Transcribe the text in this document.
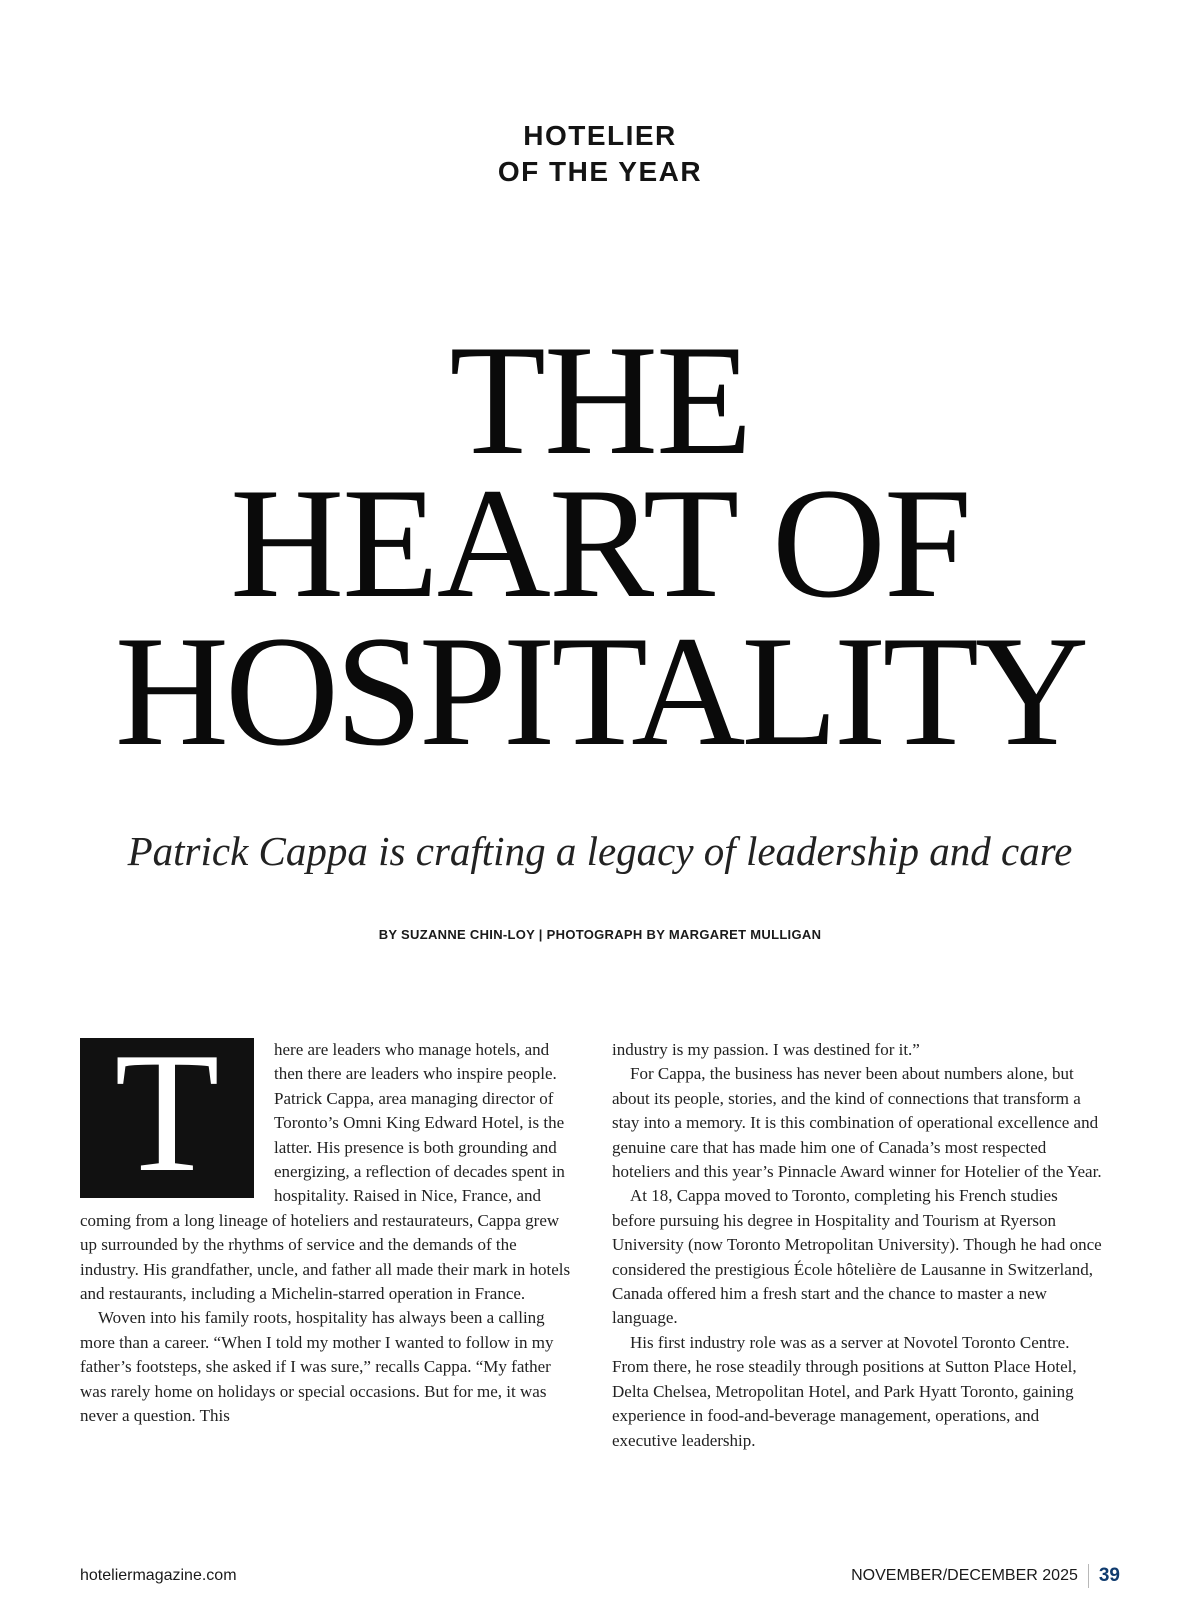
HOTELIER
OF THE YEAR
THE
HEART OF
HOSPITALITY
Patrick Cappa is crafting a legacy of leadership and care
BY SUZANNE CHIN-LOY | PHOTOGRAPH BY MARGARET MULLIGAN
T	here are leaders who manage hotels, and then there are leaders who inspire people. Patrick Cappa, area managing director of Toronto’s Omni King Edward Hotel, is the latter. His presence is both grounding and energizing, a reflection of decades spent in hospitality. Raised in Nice, France, and coming from a long lineage of hoteliers and restaurateurs, Cappa grew up surrounded by the rhythms of service and the demands of the industry. His grandfather, uncle, and father all made their mark in hotels and restaurants, including a Michelin-starred operation in France.

Woven into his family roots, hospitality has always been a calling more than a career. “When I told my mother I wanted to follow in my father’s footsteps, she asked if I was sure,” recalls Cappa. “My father was rarely home on holidays or special occasions. But for me, it was never a question. This

industry is my passion. I was destined for it.”

For Cappa, the business has never been about numbers alone, but about its people, stories, and the kind of connections that transform a stay into a memory. It is this combination of operational excellence and genuine care that has made him one of Canada’s most respected hoteliers and this year’s Pinnacle Award winner for Hotelier of the Year.

At 18, Cappa moved to Toronto, completing his French studies before pursuing his degree in Hospitality and Tourism at Ryerson University (now Toronto Metropolitan University). Though he had once considered the prestigious École hôtelière de Lausanne in Switzerland, Canada offered him a fresh start and the chance to master a new language.

His first industry role was as a server at Novotel Toronto Centre. From there, he rose steadily through positions at Sutton Place Hotel, Delta Chelsea, Metropolitan Hotel, and Park Hyatt Toronto, gaining experience in food-and-beverage management, operations, and executive leadership.

hoteliermagazine.com	NOVEMBER/DECEMBER 2025 39
